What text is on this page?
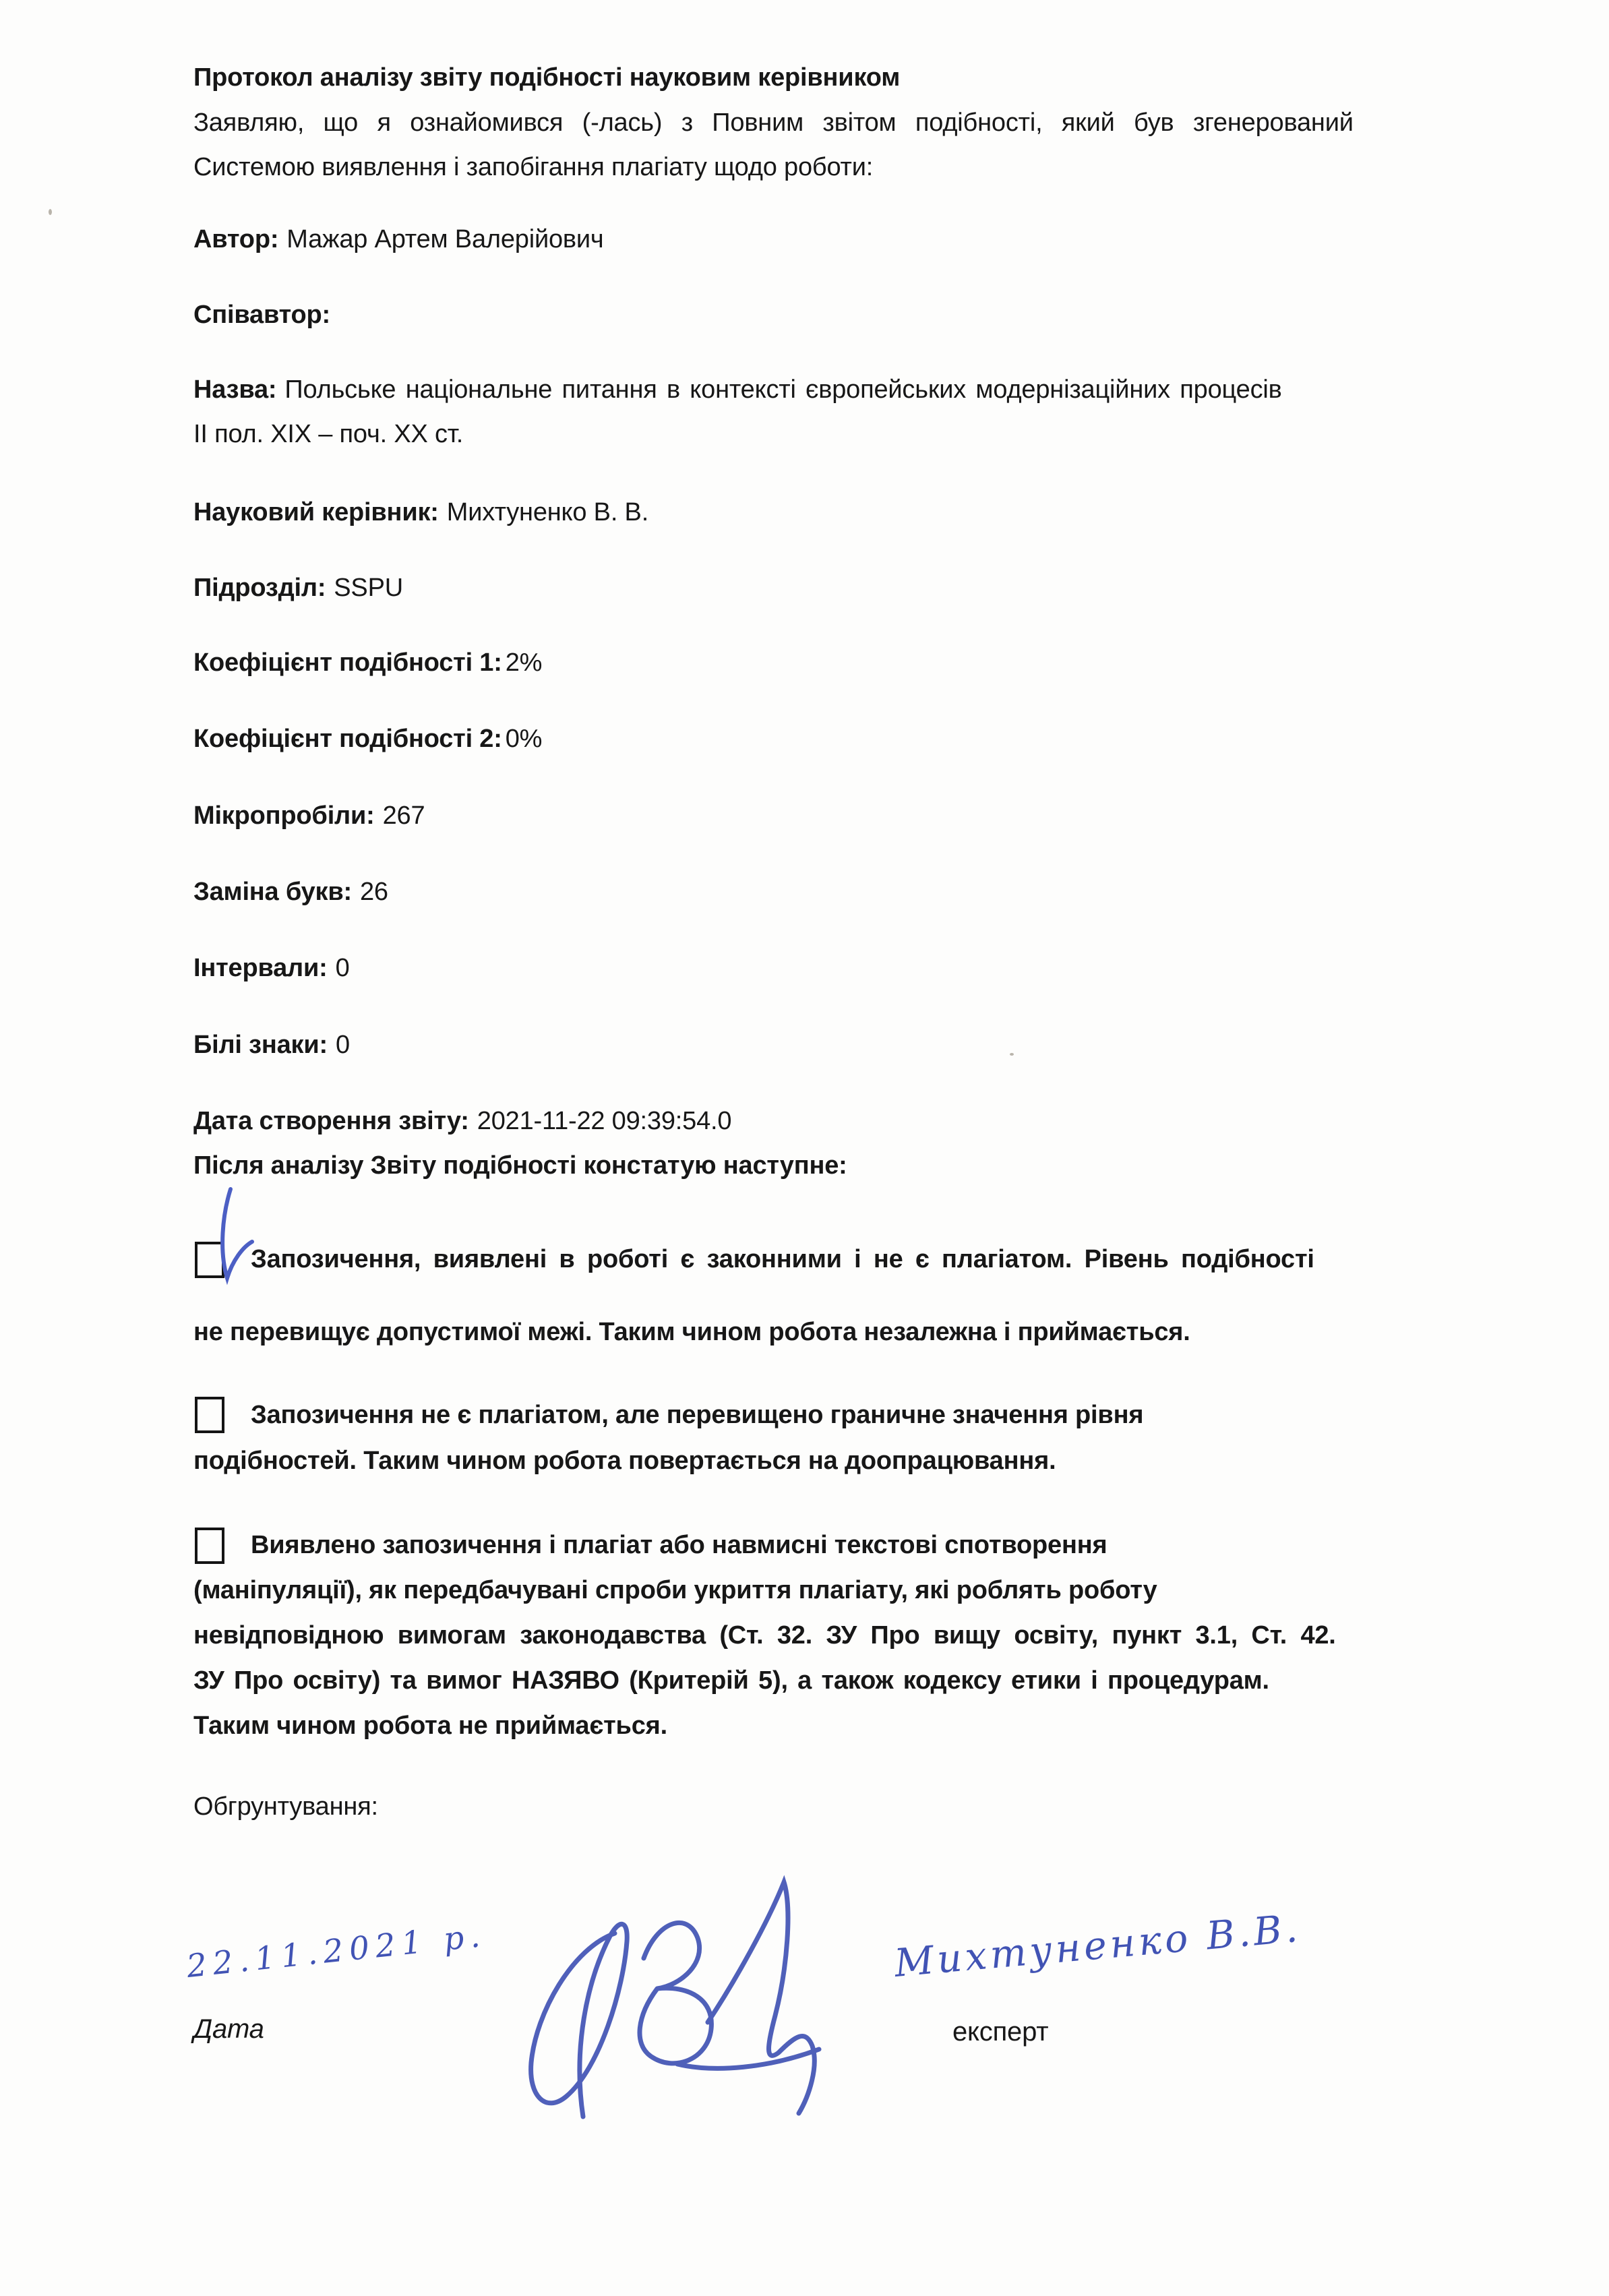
Протокол аналізу звіту подібності науковим керівником
Заявляю, що я ознайомився (-лась) з Повним звітом подібності, який був згенерований
Системою виявлення і запобігання плагіату щодо роботи:
Автор: Мажар Артем Валерійович
Співавтор:
Назва: Польське національне питання в контексті європейських модернізаційних процесів
II пол. XIX – поч. XX ст.
Науковий керівник: Михтуненко В. В.
Підрозділ: SSPU
Коефіцієнт подібності 1: 2%
Коефіцієнт подібності 2: 0%
Мікропробіли: 267
Заміна букв: 26
Інтервали: 0
Білі знаки: 0
Дата створення звіту: 2021-11-22 09:39:54.0
Після аналізу Звіту подібності констатую наступне:
Запозичення, виявлені в роботі є законними і не є плагіатом. Рівень подібності
не перевищує допустимої межі. Таким чином робота незалежна і приймається.
Запозичення не є плагіатом, але перевищено граничне значення рівня
подібностей. Таким чином робота повертається на доопрацювання.
Виявлено запозичення і плагіат або навмисні текстові спотворення
(маніпуляції), як передбачувані спроби укриття плагіату, які роблять роботу
невідповідною вимогам законодавства (Ст. 32. ЗУ Про вищу освіту, пункт 3.1, Ст. 42.
ЗУ Про освіту) та вимог НАЗЯВО (Критерій 5), а також кодексу етики і процедурам.
Таким чином робота не приймається.
Обгрунтування:
22.11.2021 р.	Михтуненко В.В.
Дата	експерт
